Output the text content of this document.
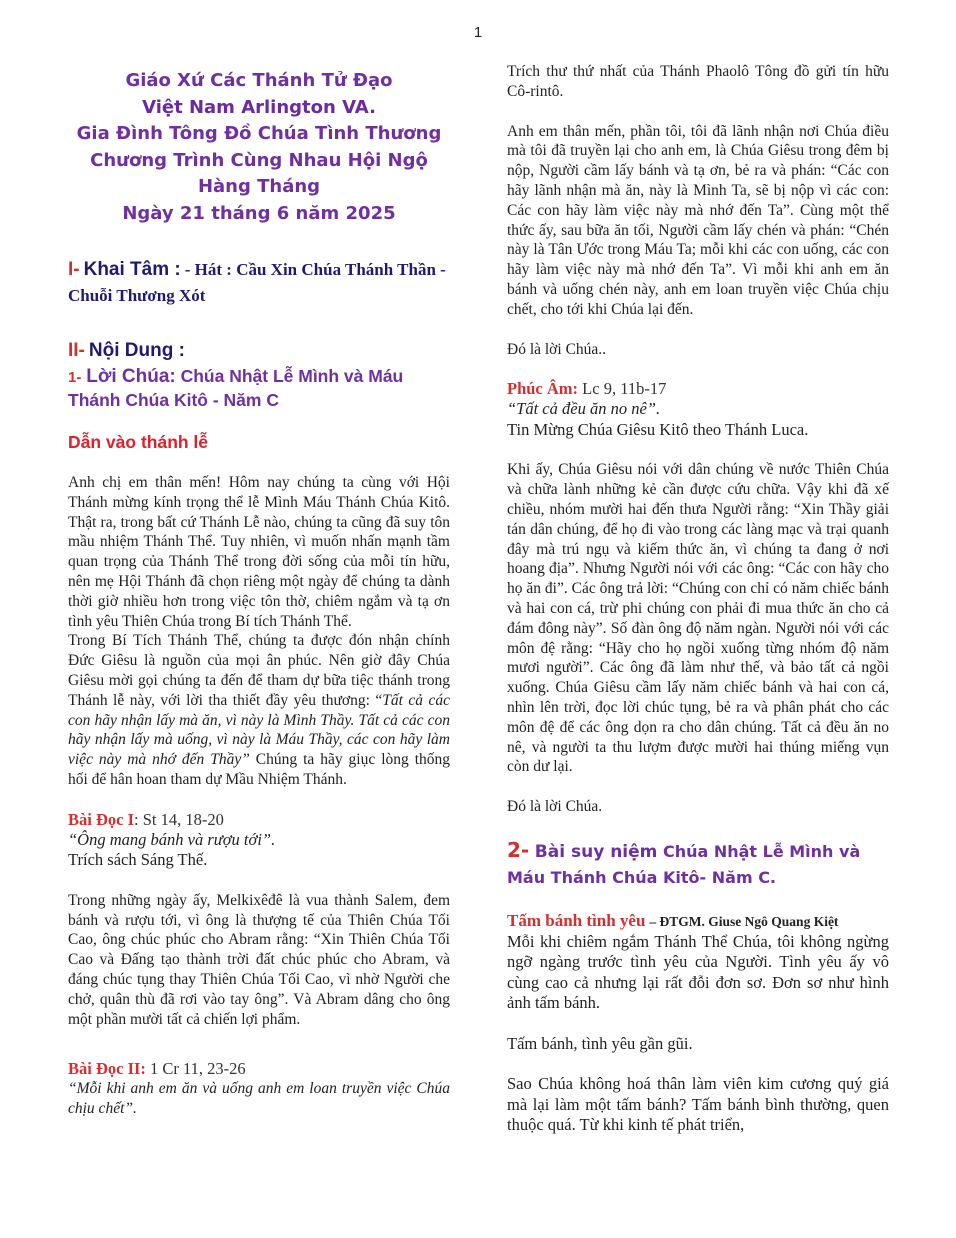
1
Giáo Xứ Các Thánh Tử Đạo
Việt Nam Arlington VA.
Gia Đình Tông Đồ Chúa Tình Thương
Chương Trình Cùng Nhau Hội Ngộ Hàng Tháng
Ngày 21 tháng 6 năm 2025
I- Khai Tâm : - Hát : Cầu Xin Chúa Thánh Thần - Chuỗi Thương Xót
II- Nội Dung :
1- Lời Chúa: Chúa Nhật Lễ Mình và Máu Thánh Chúa Kitô - Năm C
Dẫn vào thánh lễ

Anh chị em thân mến! Hôm nay chúng ta cùng với Hội Thánh mừng kính trọng thể lễ Mình Máu Thánh Chúa Kitô. Thật ra, trong bất cứ Thánh Lễ nào, chúng ta cũng đã suy tôn mầu nhiệm Thánh Thể. Tuy nhiên, vì muốn nhấn mạnh tầm quan trọng của Thánh Thể trong đời sống của mỗi tín hữu, nên mẹ Hội Thánh đã chọn riêng một ngày để chúng ta dành thời giờ nhiều hơn trong việc tôn thờ, chiêm ngắm và tạ ơn tình yêu Thiên Chúa trong Bí tích Thánh Thể.

Trong Bí Tích Thánh Thể, chúng ta được đón nhận chính Đức Giêsu là nguồn của mọi ân phúc. Nên giờ đây Chúa Giêsu mời gọi chúng ta đến để tham dự bữa tiệc thánh trong Thánh lễ này, với lời tha thiết đầy yêu thương: “Tất cả các con hãy nhận lấy mà ăn, vì này là Mình Thầy. Tất cả các con hãy nhận lấy mà uống, vì này là Máu Thầy, các con hãy làm việc này mà nhớ đến Thầy” Chúng ta hãy giục lòng thống hối để hân hoan tham dự Mầu Nhiệm Thánh.

Bài Đọc I: St 14, 18-20
“Ông mang bánh và rượu tới”.
Trích sách Sáng Thế.

Trong những ngày ấy, Melkixêđê là vua thành Salem, đem bánh và rượu tới, vì ông là thượng tế của Thiên Chúa Tối Cao, ông chúc phúc cho Abram rằng: “Xin Thiên Chúa Tối Cao và Đấng tạo thành trời đất chúc phúc cho Abram, và đáng chúc tụng thay Thiên Chúa Tối Cao, vì nhờ Người che chở, quân thù đã rơi vào tay ông”. Và Abram dâng cho ông một phần mười tất cả chiến lợi phẩm.

Bài Đọc II: 1 Cr 11, 23-26
“Mỗi khi anh em ăn và uống anh em loan truyền việc Chúa chịu chết”.

Trích thư thứ nhất của Thánh Phaolô Tông đồ gửi tín hữu Cô-rintô.

Anh em thân mến, phần tôi, tôi đã lãnh nhận nơi Chúa điều mà tôi đã truyền lại cho anh em, là Chúa Giêsu trong đêm bị nộp, Người cầm lấy bánh và tạ ơn, bẻ ra và phán: “Các con hãy lãnh nhận mà ăn, này là Mình Ta, sẽ bị nộp vì các con: Các con hãy làm việc này mà nhớ đến Ta”. Cùng một thể thức ấy, sau bữa ăn tối, Người cầm lấy chén và phán: “Chén này là Tân Ước trong Máu Ta; mỗi khi các con uống, các con hãy làm việc này mà nhớ đến Ta”. Vì mỗi khi anh em ăn bánh và uống chén này, anh em loan truyền việc Chúa chịu chết, cho tới khi Chúa lại đến.

Đó là lời Chúa..

Phúc Âm: Lc 9, 11b-17
“Tất cả đều ăn no nê”.
Tin Mừng Chúa Giêsu Kitô theo Thánh Luca.

Khi ấy, Chúa Giêsu nói với dân chúng về nước Thiên Chúa và chữa lành những kẻ cần được cứu chữa. Vậy khi đã xế chiều, nhóm mười hai đến thưa Người rằng: “Xin Thầy giải tán dân chúng, để họ đi vào trong các làng mạc và trại quanh đây mà trú ngụ và kiếm thức ăn, vì chúng ta đang ở nơi hoang địa”. Nhưng Người nói với các ông: “Các con hãy cho họ ăn đi”. Các ông trả lời: “Chúng con chỉ có năm chiếc bánh và hai con cá, trừ phi chúng con phải đi mua thức ăn cho cả đám đông này”. Số đàn ông độ năm ngàn. Người nói với các môn đệ rằng: “Hãy cho họ ngồi xuống từng nhóm độ năm mươi người”. Các ông đã làm như thế, và bảo tất cả ngồi xuống. Chúa Giêsu cầm lấy năm chiếc bánh và hai con cá, nhìn lên trời, đọc lời chúc tụng, bẻ ra và phân phát cho các môn đệ để các ông dọn ra cho dân chúng. Tất cả đều ăn no nê, và người ta thu lượm được mười hai thúng miếng vụn còn dư lại.

Đó là lời Chúa.

2- Bài suy niệm Chúa Nhật Lễ Mình và Máu Thánh Chúa Kitô- Năm C.
Tấm bánh tình yêu – ĐTGM. Giuse Ngô Quang Kiệt

Mỗi khi chiêm ngắm Thánh Thể Chúa, tôi không ngừng ngỡ ngàng trước tình yêu của Người. Tình yêu ấy vô cùng cao cả nhưng lại rất đỗi đơn sơ. Đơn sơ như hình ảnh tấm bánh.

Tấm bánh, tình yêu gần gũi.

Sao Chúa không hoá thân làm viên kim cương quý giá mà lại làm một tấm bánh? Tấm bánh bình thường, quen thuộc quá. Từ khi kinh tế phát triển,
